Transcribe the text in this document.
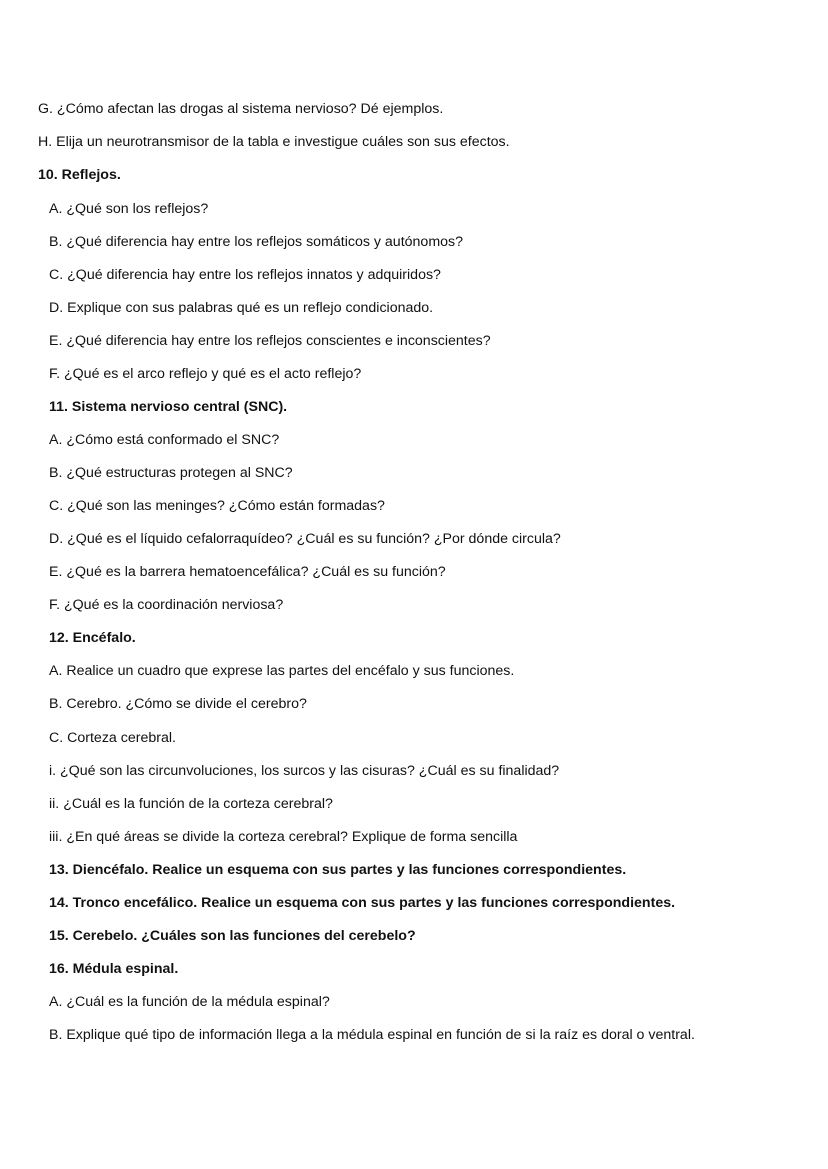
G. ¿Cómo afectan las drogas al sistema nervioso? Dé ejemplos.
H. Elija un neurotransmisor de la tabla e investigue cuáles son sus efectos.
10. Reflejos.
A. ¿Qué son los reflejos?
B. ¿Qué diferencia hay entre los reflejos somáticos y autónomos?
C. ¿Qué diferencia hay entre los reflejos innatos y adquiridos?
D. Explique con sus palabras qué es un reflejo condicionado.
E. ¿Qué diferencia hay entre los reflejos conscientes e inconscientes?
F. ¿Qué es el arco reflejo y qué es el acto reflejo?
11. Sistema nervioso central (SNC).
A. ¿Cómo está conformado el SNC?
B. ¿Qué estructuras protegen al SNC?
C. ¿Qué son las meninges? ¿Cómo están formadas?
D. ¿Qué es el líquido cefalorraquídeo? ¿Cuál es su función? ¿Por dónde circula?
E. ¿Qué es la barrera hematoencefálica? ¿Cuál es su función?
F. ¿Qué es la coordinación nerviosa?
12. Encéfalo.
A. Realice un cuadro que exprese las partes del encéfalo y sus funciones.
B. Cerebro. ¿Cómo se divide el cerebro?
C. Corteza cerebral.
i. ¿Qué son las circunvoluciones, los surcos y las cisuras? ¿Cuál es su finalidad?
ii. ¿Cuál es la función de la corteza cerebral?
iii. ¿En qué áreas se divide la corteza cerebral? Explique de forma sencilla
13. Diencéfalo. Realice un esquema con sus partes y las funciones correspondientes.
14. Tronco encefálico. Realice un esquema con sus partes y las funciones correspondientes.
15. Cerebelo. ¿Cuáles son las funciones del cerebelo?
16. Médula espinal.
A. ¿Cuál es la función de la médula espinal?
B. Explique qué tipo de información llega a la médula espinal en función de si la raíz es doral o ventral.
